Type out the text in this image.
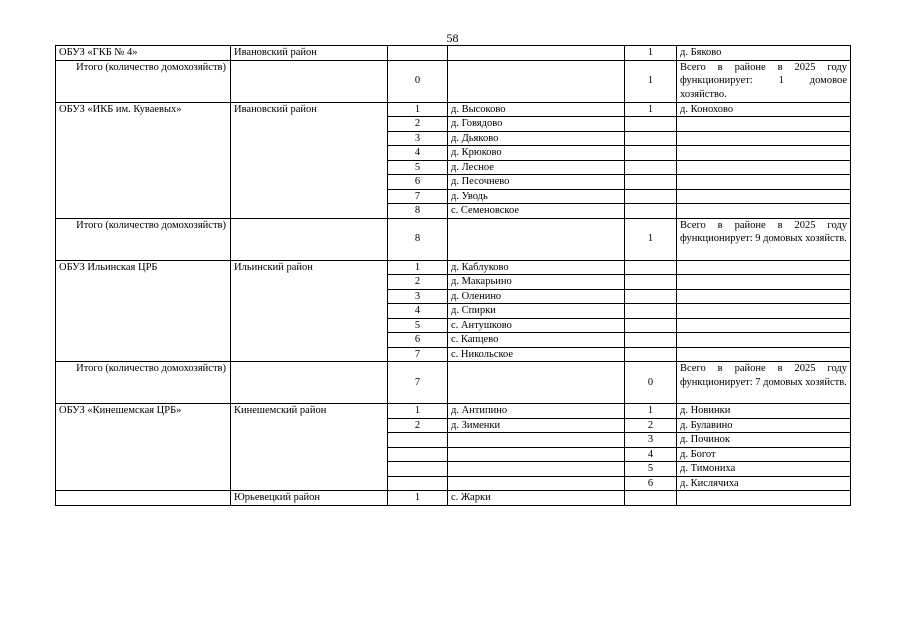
58
ОБУЗ «ГКБ № 4»	Ивановский район			1	д. Бяково
Итого (количество домохозяйств)		0		1	Всего в районе в 2025 году функционирует: 1 домовое хозяйство.
ОБУЗ «ИКБ им. Куваевых»	Ивановский район	1	д. Высоково	1	д. Конохово
		2	д. Говядово		
		3	д. Дьяково		
		4	д. Крюково		
		5	д. Лесное		
		6	д. Песочнево		
		7	д. Уводь		
		8	с. Семеновское		
Итого (количество домохозяйств)		8		1	Всего в районе в 2025 году функционирует: 9 домовых хозяйств.
ОБУЗ Ильинская ЦРБ	Ильинский район	1	д. Каблуково		
		2	д. Макарьино		
		3	д. Оленино		
		4	д. Спирки		
		5	с. Антушково		
		6	с. Капцево		
		7	с. Никольское		
Итого (количество домохозяйств)		7		0	Всего в районе в 2025 году функционирует: 7 домовых хозяйств.
ОБУЗ «Кинешемская ЦРБ»	Кинешемский район	1	д. Антипино	1	д. Новинки
		2	д. Зименки	2	д. Булавино
				3	д. Починок
				4	д. Богот
				5	д. Тимониха
				6	д. Кислячиха
	Юрьевецкий район	1	с. Жарки		
